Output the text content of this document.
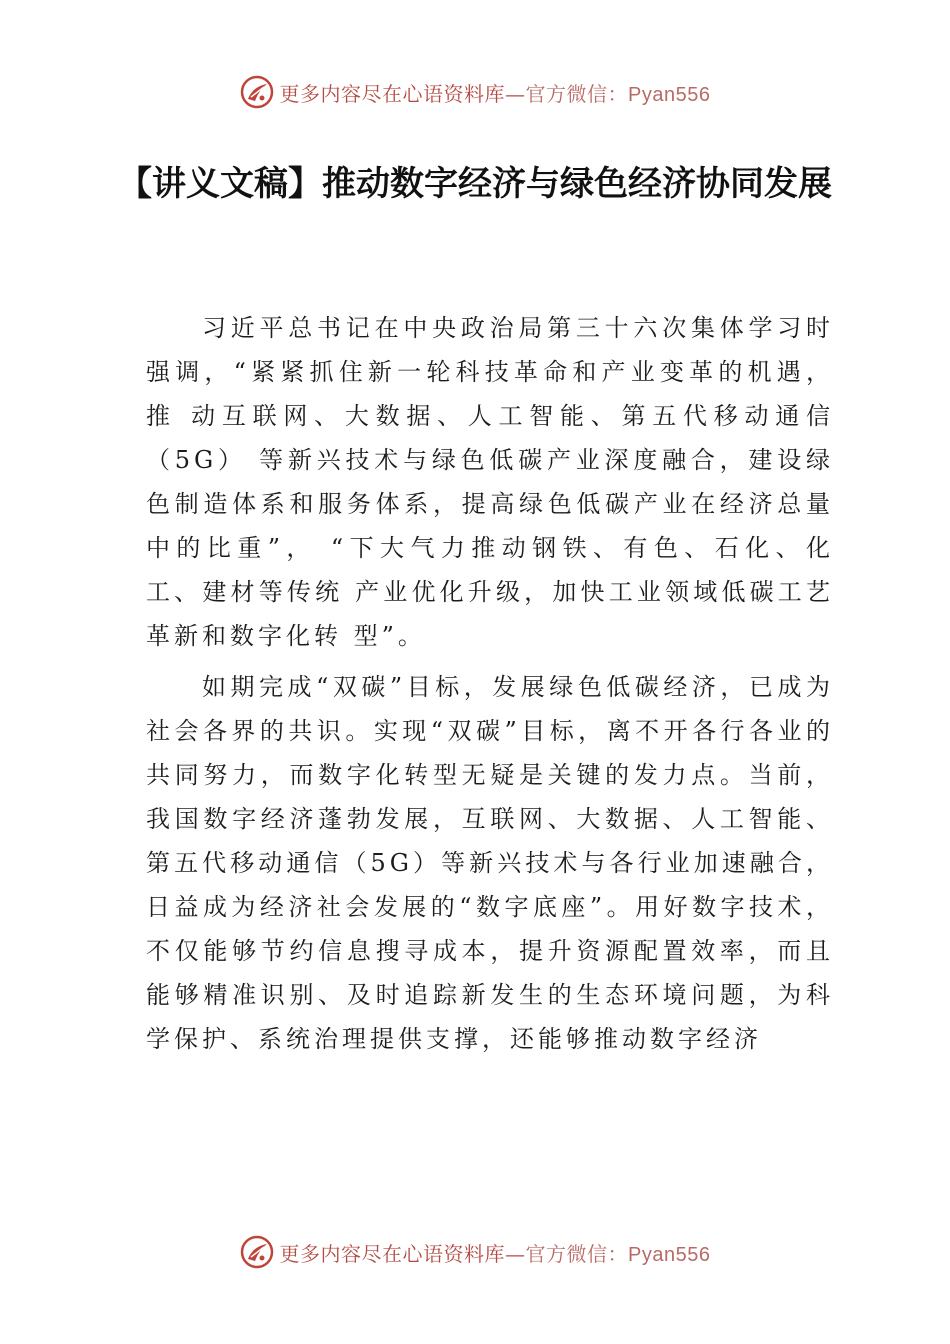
更多内容尽在心语资料库—官方微信：Pyan556
【讲义文稿】推动数字经济与绿色经济协同发展

习近平总书记在中央政治局第三十六次集体学习时强调，“紧紧抓住新一轮科技革命和产业变革的机遇，推 动互联网、大数据、人工智能、第五代移动通信（5G） 等新兴技术与绿色低碳产业深度融合，建设绿色制造体系和服务体系，提高绿色低碳产业在经济总量中的比重”， “下大气力推动钢铁、有色、石化、化工、建材等传统 产业优化升级，加快工业领域低碳工艺革新和数字化转 型”。

如期完成“双碳”目标，发展绿色低碳经济，已成为社会各界的共识。实现“双碳”目标，离不开各行各业的共同努力，而数字化转型无疑是关键的发力点。当前，我国数字经济蓬勃发展，互联网、大数据、人工智能、第五代移动通信（5G）等新兴技术与各行业加速融合，日益成为经济社会发展的“数字底座”。用好数字技术，不仅能够节约信息搜寻成本，提升资源配置效率，而且能够精准识别、及时追踪新发生的生态环境问题，为科学保护、系统治理提供支撑，还能够推动数字经济

更多内容尽在心语资料库—官方微信：Pyan556
